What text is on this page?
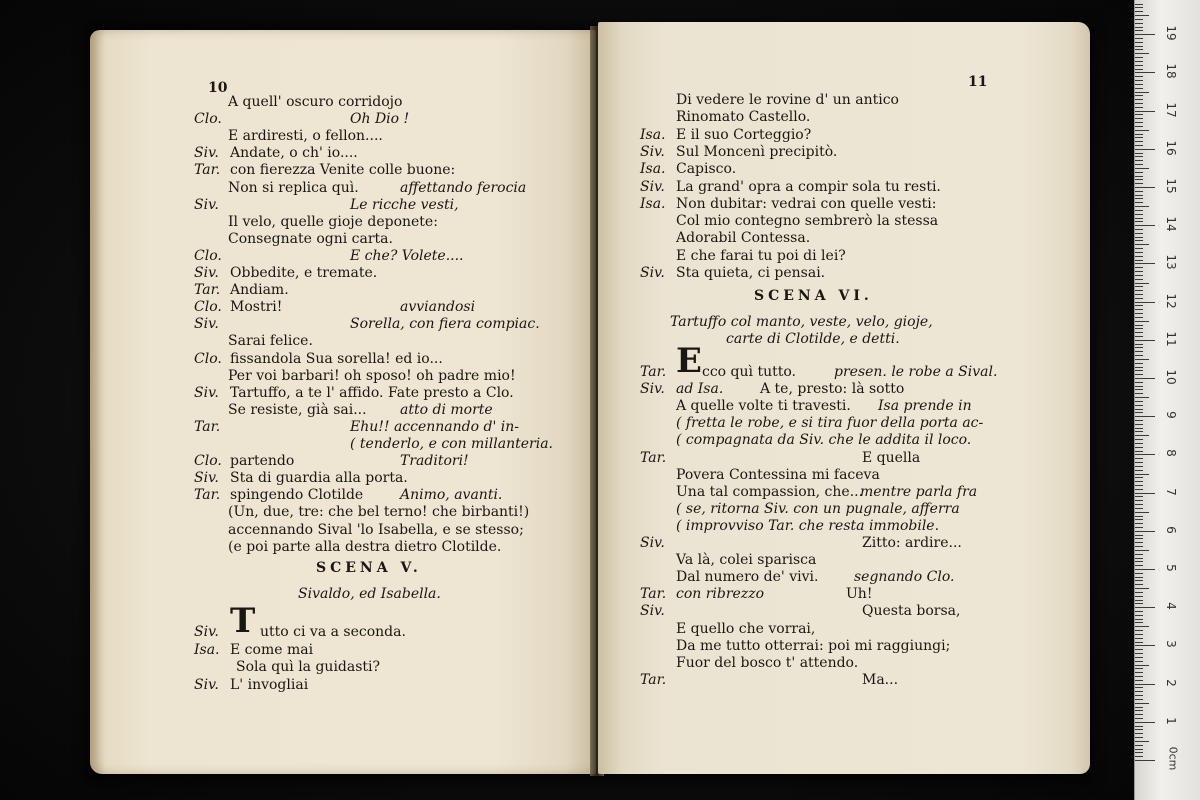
10
A quell' oscuro corridojo
Clo.	Oh Dio !
E ardiresti, o fellon....
Siv. Andate, o ch' io....
Tar. con fierezza Venite colle buone:
Non si replica quì.	affettando ferocia
Siv.	Le ricche vesti,
Il velo, quelle gioje deponete:
Consegnate ogni carta.
Clo.	E che? Volete....
Siv. Obbedite, e tremate.
Tar. Andiam.
Clo. Mostri!	avviandosi
Siv.	Sorella, con fiera compiac.
Sarai felice.
Clo. fissandola Sua sorella! ed io...
Per voi barbari! oh sposo! oh padre mio!
Siv. Tartuffo, a te l' affido. Fate presto a Clo.
Se resiste, già sai... atto di morte
Tar.	Ehu!! accennando d' in-
( tenderlo, e con millanteria.
Clo. partendo	Traditori!
Siv. Sta di guardia alla porta.
Tar. spingendo Clotilde	Animo, avanti.
(Un, due, tre: che bel terno! che birbanti!)
accennando Sival 'lo Isabella, e se stesso;
(e poi parte alla destra dietro Clotilde.
SCENA V.
Sivaldo, ed Isabella.
Siv. T utto ci va a seconda.
Isa. E come mai
Sola quì la guidasti?
Siv. L' invogliai
11
Di vedere le rovine d' un antico
Rinomato Castello.
Isa. E il suo Corteggio?
Siv. Sul Moncenì precipitò.
Isa. Capisco.
Siv. La grand' opra a compir sola tu resti.
Isa. Non dubitar: vedrai con quelle vesti:
Col mio contegno sembrerò la stessa
Adorabil Contessa.
E che farai tu poi di lei?
Siv. Sta quieta, ci pensai.
SCENA VI.
Tartuffo col manto, veste, velo, gioje,
carte di Clotilde, e detti.
Tar. E cco quì tutto.	presen. le robe a Sival.
Siv. ad Isa.	A te, presto: là sotto
A quelle volte ti travesti. Isa prende in
( fretta le robe, e si tira fuor della porta ac-
( compagnata da Siv. che le addita il loco.
Tar.	E quella
Povera Contessina mi faceva
Una tal compassion, che...
mentre parla fra
( se, ritorna Siv. con un pugnale, afferra
( improvviso Tar. che resta immobile.
Siv.	Zitto: ardire...
Va là, colei sparisca
Dal numero de' vivi.	segnando Clo.
Tar. con ribrezzo	Uh!
Siv.	Questa borsa,
E quello che vorrai,
Da me tutto otterrai: poi mi raggiungi;
Fuor del bosco t' attendo.
Tar.	Ma...
0cm
1
2
3
4
5
6
7
8
9
10
11
12
13
14
15
16
17
18
19
